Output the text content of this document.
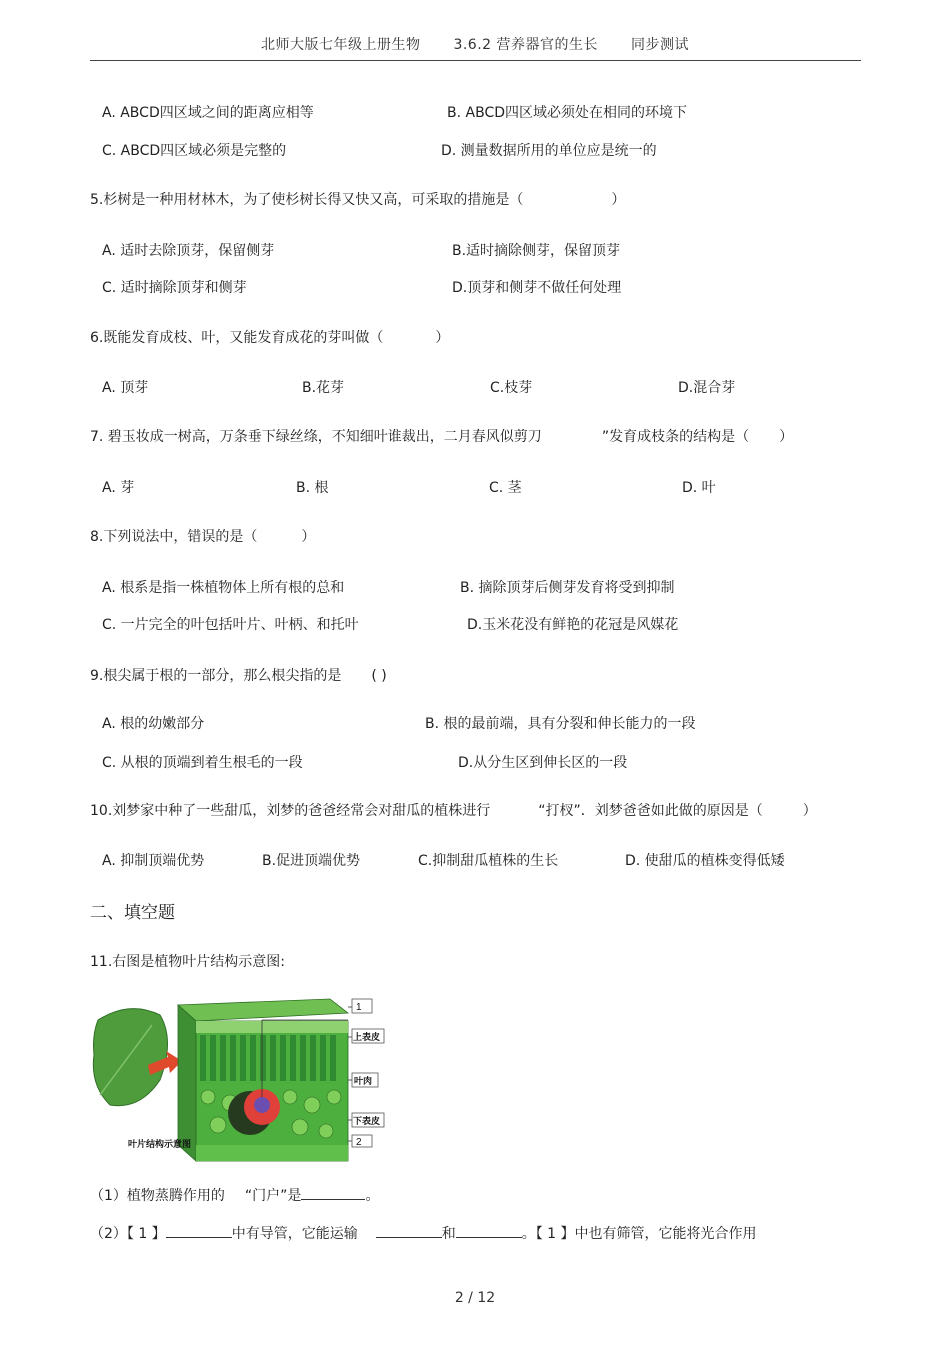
北师大版七年级上册生物 3.6.2 营养器官的生长 同步测试
A. ABCD四区域之间的距离应相等	B. ABCD四区域必须处在相同的环境下
C. ABCD四区域必须是完整的	D. 测量数据所用的单位应是统一的
5.杉树是一种用材林木，为了使杉树长得又快又高，可采取的措施是（	）
A. 适时去除顶芽，保留侧芽	B.适时摘除侧芽，保留顶芽
C. 适时摘除顶芽和侧芽	D.顶芽和侧芽不做任何处理
6.既能发育成枝、叶，又能发育成花的芽叫做（	）
A. 顶芽	B.花芽	C.枝芽	D.混合芽
7. 碧玉妆成一树高，万条垂下绿丝绦，不知细叶谁裁出，二月春风似剪刀	”发育成枝条的结构是（ ）
A. 芽	B. 根	C. 茎	D. 叶
8.下列说法中，错误的是（	）
A. 根系是指一株植物体上所有根的总和	B. 摘除顶芽后侧芽发育将受到抑制
C. 一片完全的叶包括叶片、叶柄、和托叶	D.玉米花没有鲜艳的花冠是风媒花
9.根尖属于根的一部分，那么根尖指的是 ( )
A. 根的幼嫩部分	B. 根的最前端，具有分裂和伸长能力的一段
C. 从根的顶端到着生根毛的一段	D.从分生区到伸长区的一段
10.刘梦家中种了一些甜瓜，刘梦的爸爸经常会对甜瓜的植株进行	“打杈”．刘梦爸爸如此做的原因是（	）
A. 抑制顶端优势	B.促进顶端优势	C.抑制甜瓜植株的生长	D. 使甜瓜的植株变得低矮
二、填空题
11.右图是植物叶片结构示意图:
1
上表皮
叶肉
下表皮
2
叶片结构示意图
（1）植物蒸腾作用的 “门户”是	。
（2）【 1 】	中有导管，它能运输	和	。【 1 】中也有筛管，它能将光合作用
2 / 12
